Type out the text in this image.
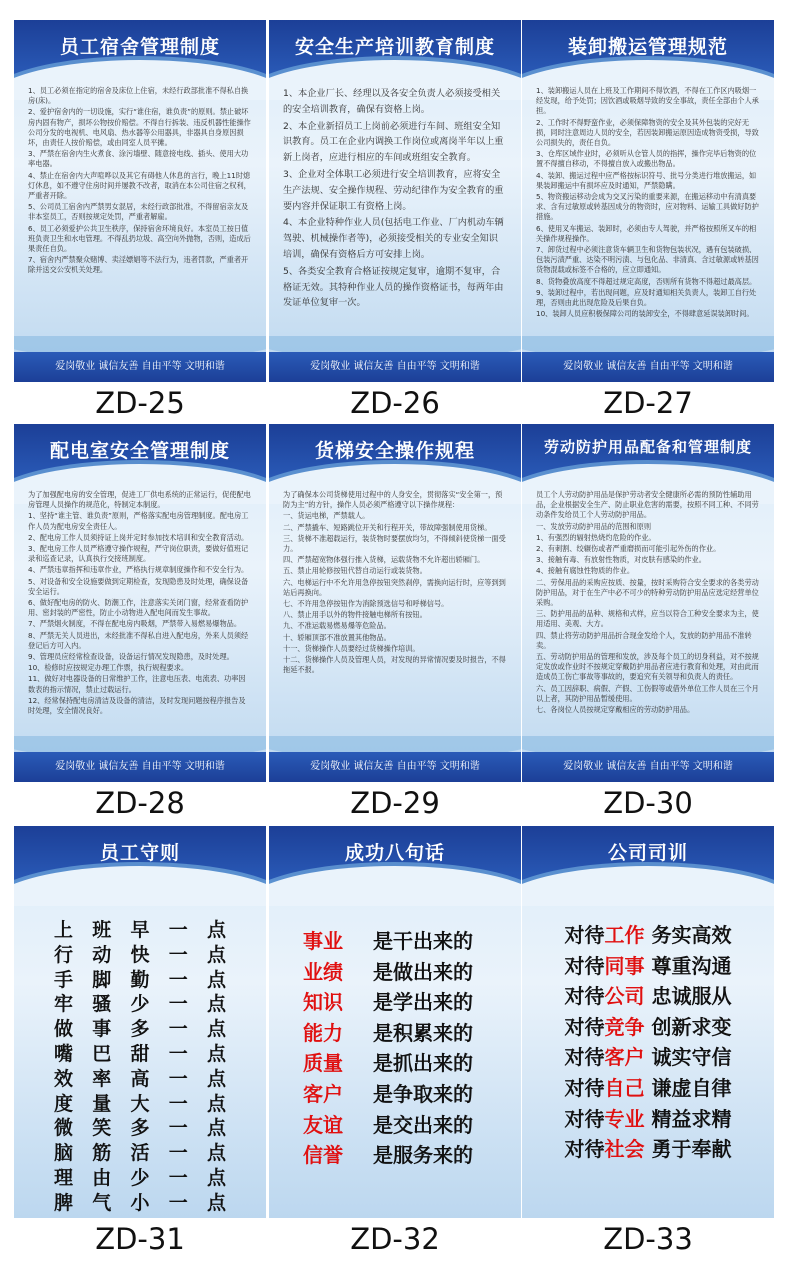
员工宿舍管理制度

1、员工必须在指定的宿舍及床位上住宿，未经行政部批准不得私自换房(床)。

2、爱护宿舍内的一切设施，实行“谁住宿，谁负责”的原则。禁止破坏房内固有物产，损坏公物按价赔偿。不得自行拆装、违反机器性能操作公司分发的电视机、电风扇、热水器等公用器具，非器具自身原因损坏，由责任人按价赔偿，或由同室人员平摊。

3、严禁在宿舍内生火煮食、涂污墙壁、随意接电线、插头、使用大功率电器。

4、禁止在宿舍内大声喧哗以及其它有碍他人休息的言行，晚上11时熄灯休息，如不遵守住房时间并屡教不改者，取消在本公司住宿之权利，严重者开除。

5、公司员工宿舍内严禁男女混居，未经行政部批准，不得留宿亲友及非本室员工，否则按规定处罚，严重者解雇。

6、员工必须爱护公共卫生秩序，保持宿舍环境良好。本室员工按日值班负责卫生和水电管理。不得乱扔垃圾、高空向外抛物，否则，造成后果责任自负。

7、宿舍内严禁聚众赌博、卖淫嫖娼等不法行为，违者罚款，严重者开除并送交公安机关处理。

爱岗敬业 诚信友善 自由平等 文明和谐
ZD-25
安全生产培训教育制度

1、本企业厂长、经理以及各安全负责人必须接受相关的安全培训教育，确保有资格上岗。

2、本企业新招员工上岗前必须进行车间、班组安全知识教育。员工在企业内调换工作岗位或离岗半年以上重新上岗者，应进行相应的车间或班组安全教育。

3、企业对全体职工必须进行安全培训教育，应将安全生产法规、安全操作规程、劳动纪律作为安全教育的重要内容并保证职工有资格上岗。

4、本企业特种作业人员(包括电工作业、厂内机动车辆驾驶、机械操作者等)，必须接受相关的专业安全知识培训，确保有资格后方可安排上岗。

5、各类安全教育合格证按规定复审，逾期不复审，合格证无效。其特种作业人员的操作资格证书，每两年由发证单位复审一次。

爱岗敬业 诚信友善 自由平等 文明和谐
ZD-26
装卸搬运管理规范

1、装卸搬运人员在上班及工作期间不得饮酒，不得在工作区内吸烟一经发现，给予处罚；因饮酒或吸烟导致的安全事故，责任全部由个人承担。

2、工作时不得野蛮作业，必须保障物资的安全及其外包装的完好无损，同时注意周边人员的安全，若因装卸搬运原因造成物资受损，导致公司损失的，责任自负。

3、仓库区域作业时，必须听从仓管人员的指挥，操作完毕后物资的位置不得擅自移动，不得擅自放入或搬出物品。

4、装卸、搬运过程中应严格按标识符号、批号分类进行堆放搬运，如果装卸搬运中有损坏应及时通知，严禁隐瞒。

5、物资搬运移动会成为交叉污染的重要来源，在搬运移动中有清真要求、含有过敏原或转基因成分的物资时，应对物料、运输工具做好防护措施。

6、使用叉车搬运、装卸时，必须由专人驾驶，并严格按照所叉车的相关操作规程操作。

7、卸货过程中必须注意货车辆卫生和货物包装状况，遇有包装破损、包装污渍严重、达染不明污渍、与包化品、非清真、含过敏源或转基因货物混载或标签不合格的，应立即通知。

8、货物叠放高度不得超过规定高度，否则所有货物不得超过最高层。

9、装卸过程中，若出现问题，应及时通知相关负责人，装卸工自行处理，否则由此出现危险及后果自负。

10、装卸人员应积极保障公司的装卸安全，不得肆意延误装卸时间。

爱岗敬业 诚信友善 自由平等 文明和谐
ZD-27
配电室安全管理制度

为了加强配电房的安全管理，促进工厂供电系统的正常运行，促使配电房管理人员操作的规范化，特制定本制度。

1、坚持“谁主管、谁负责”原则，严格落实配电房管理制度。配电房工作人员为配电房安全责任人。

2、配电房工作人员须持证上岗并定时参加技术培训和安全教育活动。

3、配电房工作人员严格遵守操作规程，严守岗位职责，要做好值班记录和巡查记录，认真执行交接班制度。

4、严禁违章指挥和违章作业，严格执行规章制度操作和不安全行为。

5、对设备和安全设施要做到定期检查，发现隐患及时处理，确保设备安全运行。

6、做好配电房的防火、防潮工作，注意落实关闭门窗，经常查看防护用、密封装的严密性，防止小动物进入配电间而发生事故。

7、严禁烟火制度，不得在配电房内吸烟，严禁带入易燃易爆物品。

8、严禁无关人员进出，未经批准不得私自进入配电房，外来人员须经登记后方可入内。

9、管理员应经常检查设备，设备运行情况发现隐患，及时处理。

10、检修时应按规定办理工作票，执行规程要求。

11、做好对电器设备的日常维护工作，注意电压表、电流表、功率因数表的指示情况，禁止过载运行。

12、经常保持配电房清洁及设备的清洁，及时发现问题按程序报告及时处理，安全情况良好。

爱岗敬业 诚信友善 自由平等 文明和谐
ZD-28
货梯安全操作规程

为了确保本公司货梯使用过程中的人身安全，贯彻落实“安全第一，预防为主”的方针，操作人员必须严格遵守以下操作规程：

一、货运电梯，严禁载人。

二、严禁撬车、短路跳位开关和行程开关，带故障强制使用货梯。

三、货梯不准超载运行，装货物时要摆放均匀，不得倾斜使货梯一面受力。

四、严禁超宽物体强行推入货梯，运载货物不允许超出轿厢门。

五、禁止用轮修按钮代替自动运行或装货物。

六、电梯运行中不允许用急停按钮突然刹停，需换向运行时，应等到到站后再换向。

七、不许用急停按钮作为消除预选信号和呼梯信号。

八、禁止用手以外的物件接触电梯所有按钮。

九、不准运载易燃易爆等危险品。

十、轿厢顶部不准放置其他物品。

十一、货梯操作人员要经过货梯操作培训。

十二、货梯操作人员及管理人员，对发现的异常情况要及时报告，不得拖延不报。

爱岗敬业 诚信友善 自由平等 文明和谐
ZD-29
劳动防护用品配备和管理制度

员工个人劳动防护用品是保护劳动者安全健康所必需的预防性辅助用品，企业根据安全生产、防止职业危害的需要，按照不同工种、不同劳动条件发给员工个人劳动防护用品。

一、发放劳动防护用品的范围和原则

1、有强烈的辐射热烧灼危险的作业。

2、有刺割、绞辗伤或者严重磨损而可能引起外伤的作业。

3、接触有毒、有放射性物质，对皮肤有感染的作业。

4、接触有腐蚀性物质的作业。

二、劳保用品的采购应按质、按量，按时采购符合安全要求的各类劳动防护用品，对于在生产中必不可少的特种劳动防护用品应选定经营单位采购。

三、防护用品的品种、规格和式样，应当以符合工种安全要求为主，使用适用、美观、大方。

四、禁止将劳动防护用品折合现金发给个人，发放的防护用品不准转卖。

五、劳动防护用品的管理和发放，涉及每个员工的切身利益，对不按规定发放或作业时不按规定穿戴防护用品者应进行教育和处理，对由此而造成员工伤亡事故等事故的，要追究有关领导和负责人的责任。

六、员工因辞职、病假、产假、工伤假等或借外单位工作人员在三个月以上者，其防护用品暂缓使用。

七、各岗位人员按规定穿戴相应的劳动防护用品。

爱岗敬业 诚信友善 自由平等 文明和谐
ZD-30
员工守则
上 班 早 一 点
行 动 快 一 点
手 脚 勤 一 点
牢 骚 少 一 点
做 事 多 一 点
嘴 巴 甜 一 点
效 率 高 一 点
度 量 大 一 点
微 笑 多 一 点
脑 筋 活 一 点
理 由 少 一 点
脾 气 小 一 点
ZD-31
成功八句话
事业	是干出来的
业绩	是做出来的
知识	是学出来的
能力	是积累来的
质量	是抓出来的
客户	是争取来的
友谊	是交出来的
信誉	是服务来的
ZD-32
公司司训
对待工作 务实高效
对待同事 尊重沟通
对待公司 忠诚服从
对待竞争 创新求变
对待客户 诚实守信
对待自己 谦虚自律
对待专业 精益求精
对待社会 勇于奉献
ZD-33
